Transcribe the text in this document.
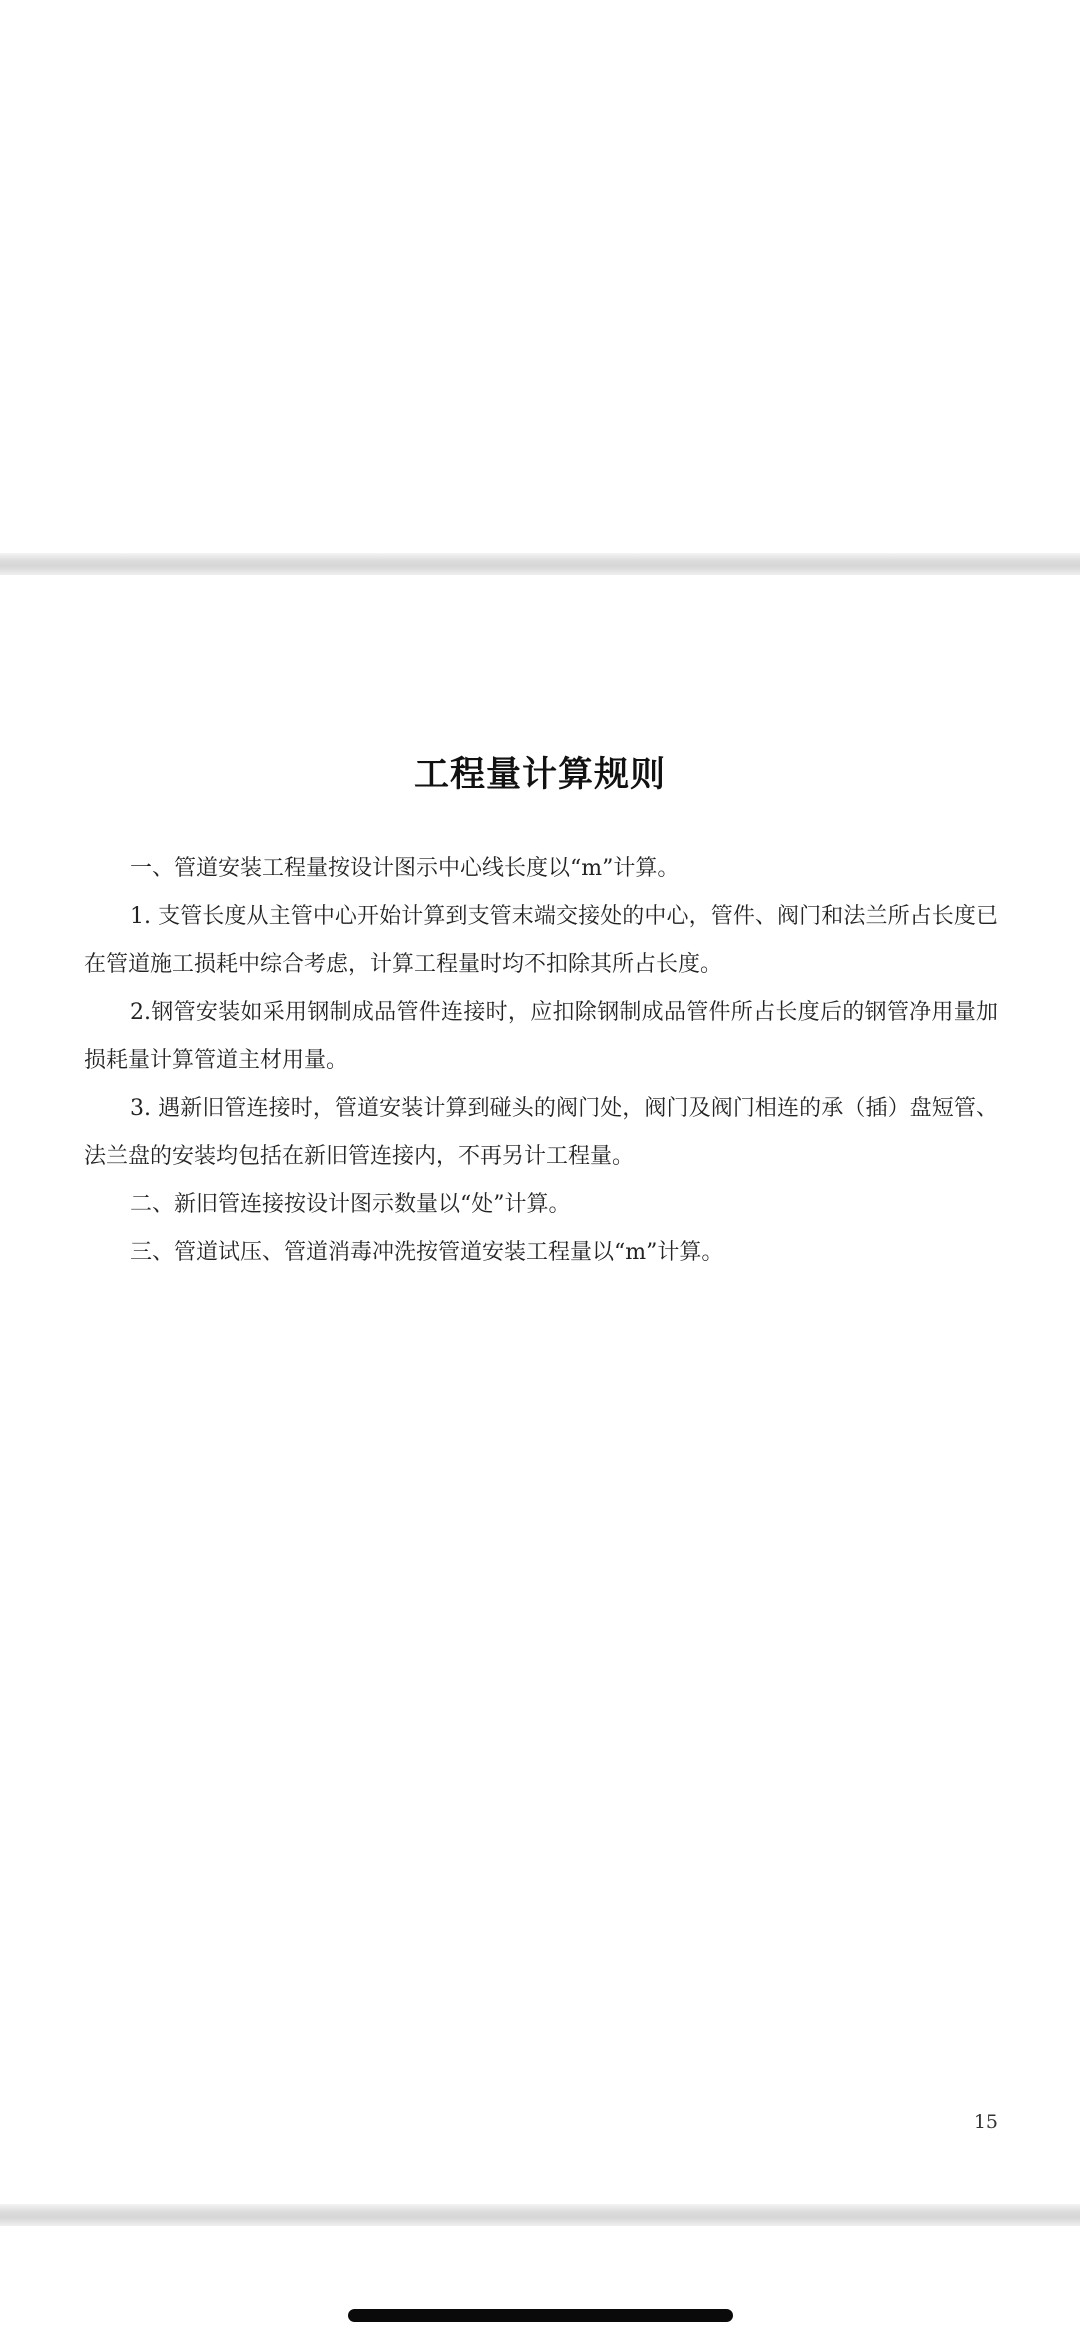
工程量计算规则

一、管道安装工程量按设计图示中心线长度以“m”计算。

1. 支管长度从主管中心开始计算到支管末端交接处的中心，管件、阀门和法兰所占长度已在管道施工损耗中综合考虑，计算工程量时均不扣除其所占长度。

2.钢管安装如采用钢制成品管件连接时，应扣除钢制成品管件所占长度后的钢管净用量加损耗量计算管道主材用量。

3. 遇新旧管连接时，管道安装计算到碰头的阀门处，阀门及阀门相连的承（插）盘短管、法兰盘的安装均包括在新旧管连接内，不再另计工程量。

二、新旧管连接按设计图示数量以“处”计算。

三、管道试压、管道消毒冲洗按管道安装工程量以“m”计算。

15
